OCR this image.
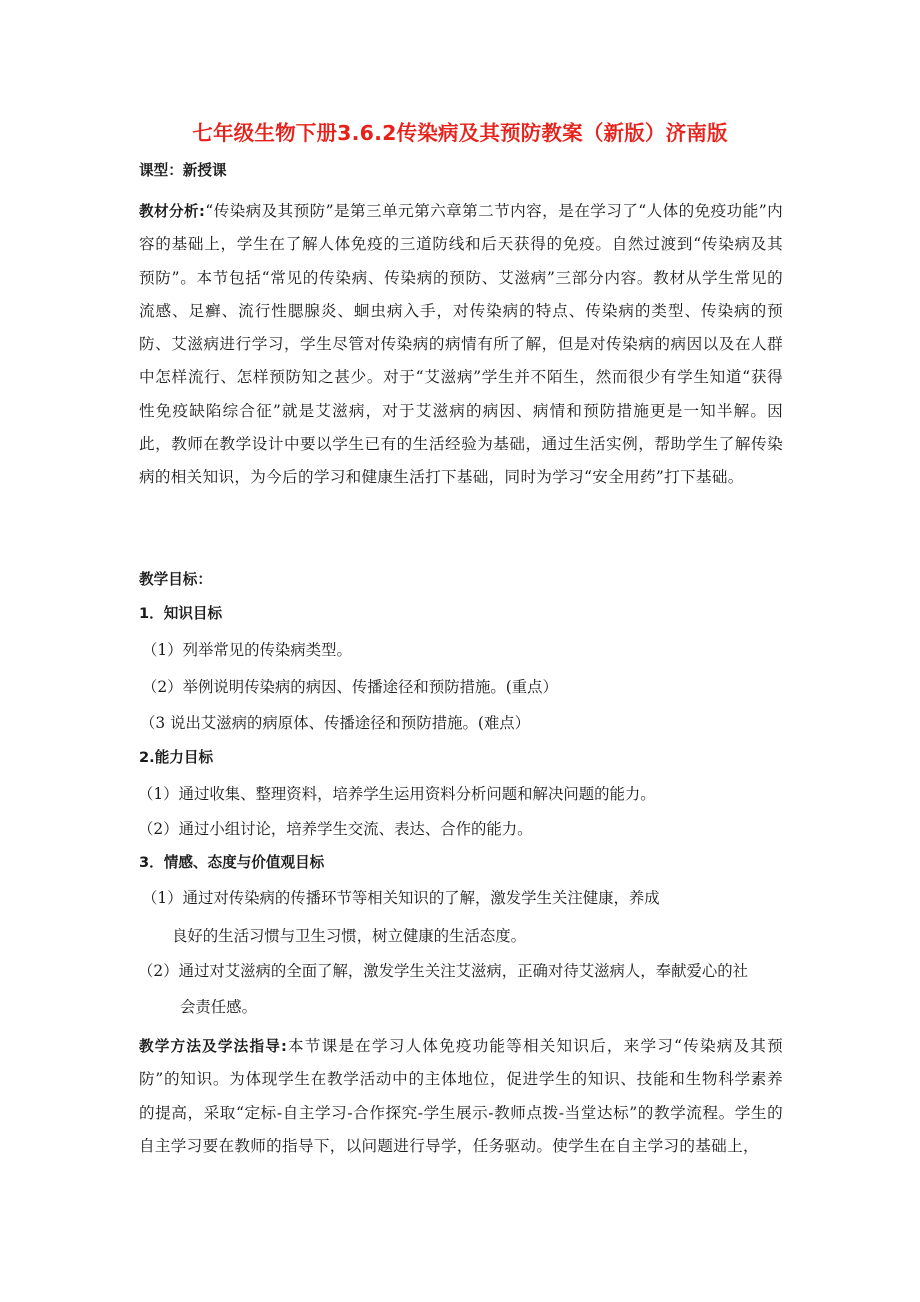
七年级生物下册3.6.2传染病及其预防教案（新版）济南版
课型：新授课
教材分析:“传染病及其预防”是第三单元第六章第二节内容，是在学习了“人体的免疫功能”内容的基础上，学生在了解人体免疫的三道防线和后天获得的免疫。自然过渡到“传染病及其预防”。本节包括“常见的传染病、传染病的预防、艾滋病”三部分内容。教材从学生常见的流感、足癣、流行性腮腺炎、蛔虫病入手，对传染病的特点、传染病的类型、传染病的预防、艾滋病进行学习，学生尽管对传染病的病情有所了解，但是对传染病的病因以及在人群中怎样流行、怎样预防知之甚少。对于“艾滋病”学生并不陌生，然而很少有学生知道“获得性免疫缺陷综合征”就是艾滋病，对于艾滋病的病因、病情和预防措施更是一知半解。因此，教师在教学设计中要以学生已有的生活经验为基础，通过生活实例，帮助学生了解传染病的相关知识，为今后的学习和健康生活打下基础，同时为学习“安全用药”打下基础。
教学目标：
1．知识目标
（1）列举常见的传染病类型。
（2）举例说明传染病的病因、传播途径和预防措施。(重点）
（3 说出艾滋病的病原体、传播途径和预防措施。(难点）
2.能力目标
（1）通过收集、整理资料，培养学生运用资料分析问题和解决问题的能力。
（2）通过小组讨论，培养学生交流、表达、合作的能力。
3．情感、态度与价值观目标
（1）通过对传染病的传播环节等相关知识的了解，激发学生关注健康，养成
良好的生活习惯与卫生习惯，树立健康的生活态度。
（2）通过对艾滋病的全面了解，激发学生关注艾滋病，正确对待艾滋病人，奉献爱心的社
会责任感。
教学方法及学法指导:本节课是在学习人体免疫功能等相关知识后，来学习“传染病及其预防”的知识。为体现学生在教学活动中的主体地位，促进学生的知识、技能和生物科学素养的提高，采取“定标-自主学习-合作探究-学生展示-教师点拨-当堂达标”的教学流程。学生的自主学习要在教师的指导下，以问题进行导学，任务驱动。使学生在自主学习的基础上，
